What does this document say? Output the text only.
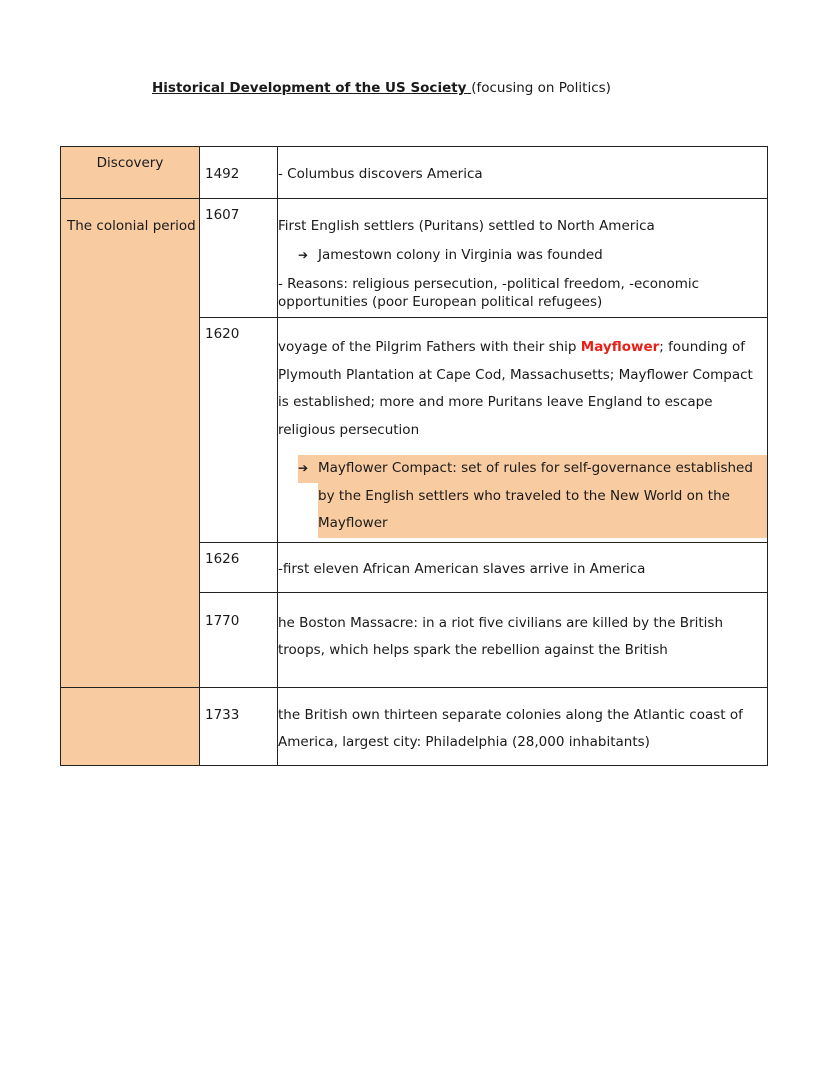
Historical Development of the US Society (focusing on Politics)
Discovery	1492	- Columbus discovers America

The colonial period	1607	First English settlers (Puritans) settled to North America
➔ Jamestown colony in Virginia was founded
- Reasons: religious persecution, -political freedom, -economic opportunities (poor European political refugees)

	1620	voyage of the Pilgrim Fathers with their ship Mayflower; founding of Plymouth Plantation at Cape Cod, Massachusetts; Mayflower Compact is established; more and more Puritans leave England to escape religious persecution
➔ Mayflower Compact: set of rules for self-governance established by the English settlers who traveled to the New World on the Mayflower

	1626	-first eleven African American slaves arrive in America

	1770	he Boston Massacre: in a riot five civilians are killed by the British troops, which helps spark the rebellion against the British

	1733	the British own thirteen separate colonies along the Atlantic coast of America, largest city: Philadelphia (28,000 inhabitants)
